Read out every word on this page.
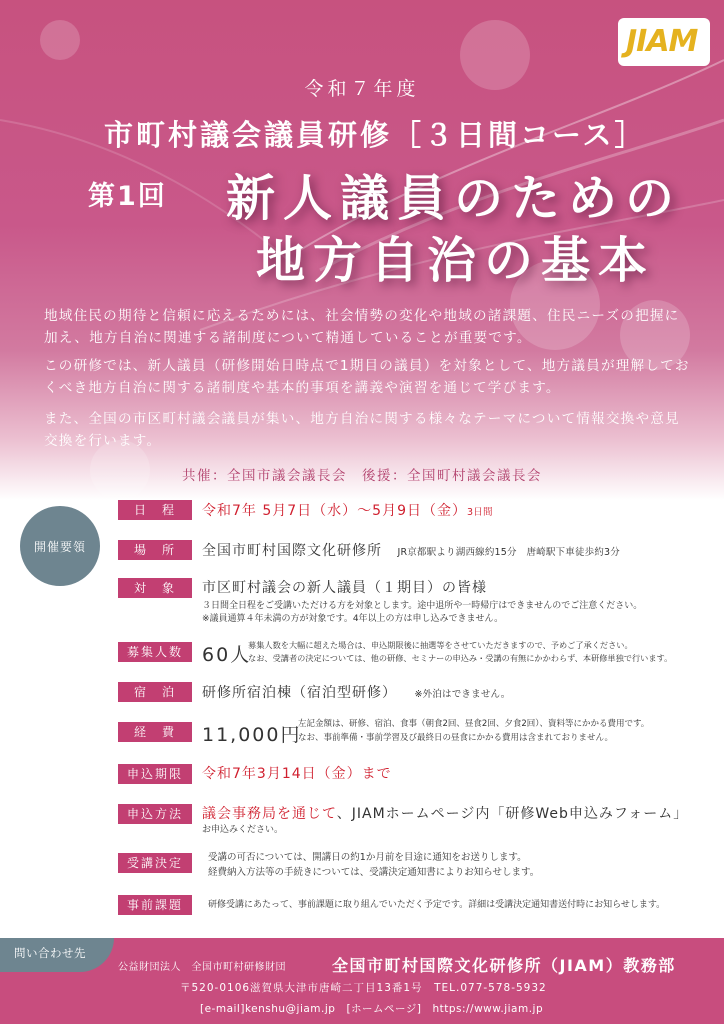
JIAM
令和７年度
市町村議会議員研修［３日間コース］
第1回 新人議員のための
地方自治の基本
地域住民の期待と信頼に応えるためには、社会情勢の変化や地域の諸課題、住民ニーズの把握に加え、地方自治に関連する諸制度について精通していることが重要です。
この研修では、新人議員（研修開始日時点で1期目の議員）を対象として、地方議員が理解しておくべき地方自治に関する諸制度や基本的事項を講義や演習を通じて学びます。
また、全国の市区町村議会議員が集い、地方自治に関する様々なテーマについて情報交換や意見交換を行います。
共催：全国市議会議長会　後援：全国町村議会議長会
開催要領
日　程	令和7年 5月7日（水）～5月9日（金）3日間
場　所	全国市町村国際文化研修所 JR京都駅より湖西線約15分　唐崎駅下車徒歩約3分
対　象	市区町村議会の新人議員（１期目）の皆様
３日間全日程をご受講いただける方を対象とします。途中退所や一時帰庁はできませんのでご注意ください。
※議員通算４年未満の方が対象です。4年以上の方は申し込みできません。
募集人数	60人
募集人数を大幅に超えた場合は、申込期限後に抽選等をさせていただきますので、予めご了承ください。
なお、受講者の決定については、他の研修、セミナーの申込み・受講の有無にかかわらず、本研修単独で行います。
宿　泊	研修所宿泊棟（宿泊型研修） ※外泊はできません。
経　費	11,000円
左記金額は、研修、宿泊、食事（朝食2回、昼食2回、夕食2回）、資料等にかかる費用です。
なお、事前準備・事前学習及び最終日の昼食にかかる費用は含まれておりません。
申込期限	令和7年3月14日（金）まで
申込方法	議会事務局を通じて、JIAMホームページ内「研修Web申込みフォーム」
お申込みください。
受講決定	受講の可否については、開講日の約1か月前を目途に通知をお送りします。
経費納入方法等の手続きについては、受講決定通知書によりお知らせします。
事前課題	研修受講にあたって、事前課題に取り組んでいただく予定です。詳細は受講決定通知書送付時にお知らせします。
問い合わせ先
公益財団法人　全国市町村研修財団	全国市町村国際文化研修所（JIAM）教務部
〒520-0106滋賀県大津市唐崎二丁目13番1号　TEL.077-578-5932
[e-mail]kenshu@jiam.jp　[ホームページ]　https://www.jiam.jp
